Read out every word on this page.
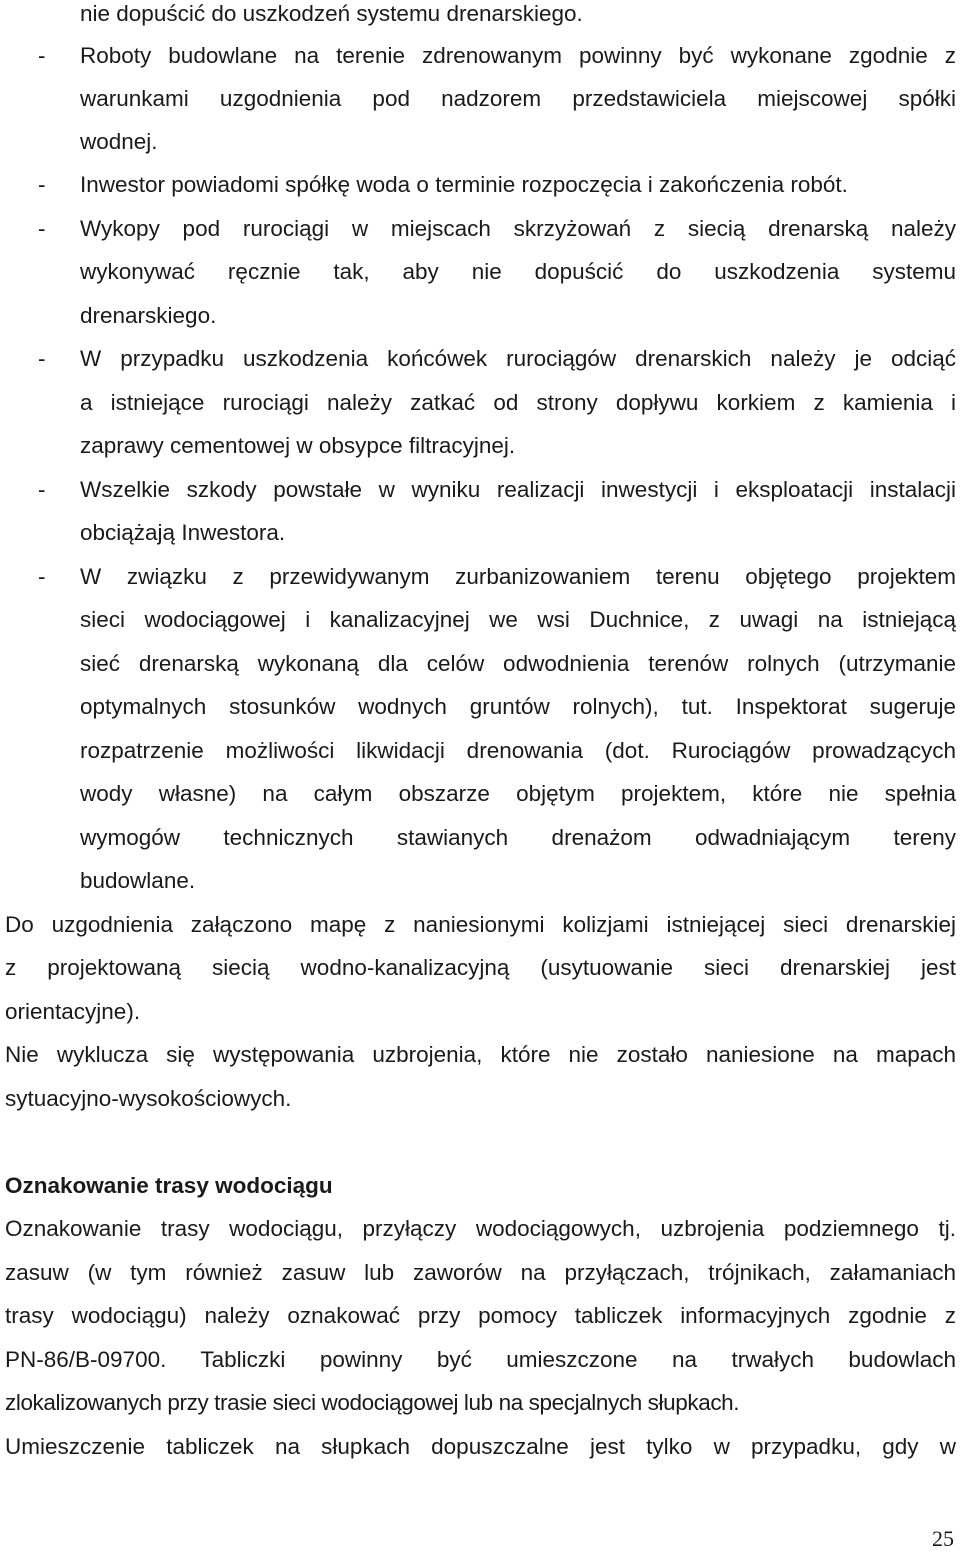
nie dopuścić do uszkodzeń systemu drenarskiego.
- Roboty budowlane na terenie zdrenowanym powinny być wykonane zgodnie z
warunkami uzgodnienia pod nadzorem przedstawiciela miejscowej spółki
wodnej.
- Inwestor powiadomi spółkę woda o terminie rozpoczęcia i zakończenia robót.
- Wykopy pod rurociągi w miejscach skrzyżowań z siecią drenarską należy
wykonywać ręcznie tak, aby nie dopuścić do uszkodzenia systemu
drenarskiego.
- W przypadku uszkodzenia końcówek rurociągów drenarskich należy je odciąć
a istniejące rurociągi należy zatkać od strony dopływu korkiem z kamienia i
zaprawy cementowej w obsypce filtracyjnej.
- Wszelkie szkody powstałe w wyniku realizacji inwestycji i eksploatacji instalacji
obciążają Inwestora.
- W związku z przewidywanym zurbanizowaniem terenu objętego projektem
sieci wodociągowej i kanalizacyjnej we wsi Duchnice, z uwagi na istniejącą
sieć drenarską wykonaną dla celów odwodnienia terenów rolnych (utrzymanie
optymalnych stosunków wodnych gruntów rolnych), tut. Inspektorat sugeruje
rozpatrzenie możliwości likwidacji drenowania (dot. Rurociągów prowadzących
wody własne) na całym obszarze objętym projektem, które nie spełnia
wymogów technicznych stawianych drenażom odwadniającym tereny
budowlane.
Do uzgodnienia załączono mapę z naniesionymi kolizjami istniejącej sieci drenarskiej
z projektowaną siecią wodno-kanalizacyjną (usytuowanie sieci drenarskiej jest
orientacyjne).
Nie wyklucza się występowania uzbrojenia, które nie zostało naniesione na mapach
sytuacyjno-wysokościowych.
Oznakowanie trasy wodociągu
Oznakowanie trasy wodociągu, przyłączy wodociągowych, uzbrojenia podziemnego tj.
zasuw (w tym również zasuw lub zaworów na przyłączach, trójnikach, załamaniach
trasy wodociągu) należy oznakować przy pomocy tabliczek informacyjnych zgodnie z
PN-86/B-09700. Tabliczki powinny być umieszczone na trwałych budowlach
zlokalizowanych przy trasie sieci wodociągowej lub na specjalnych słupkach.
Umieszczenie tabliczek na słupkach dopuszczalne jest tylko w przypadku, gdy w
25
